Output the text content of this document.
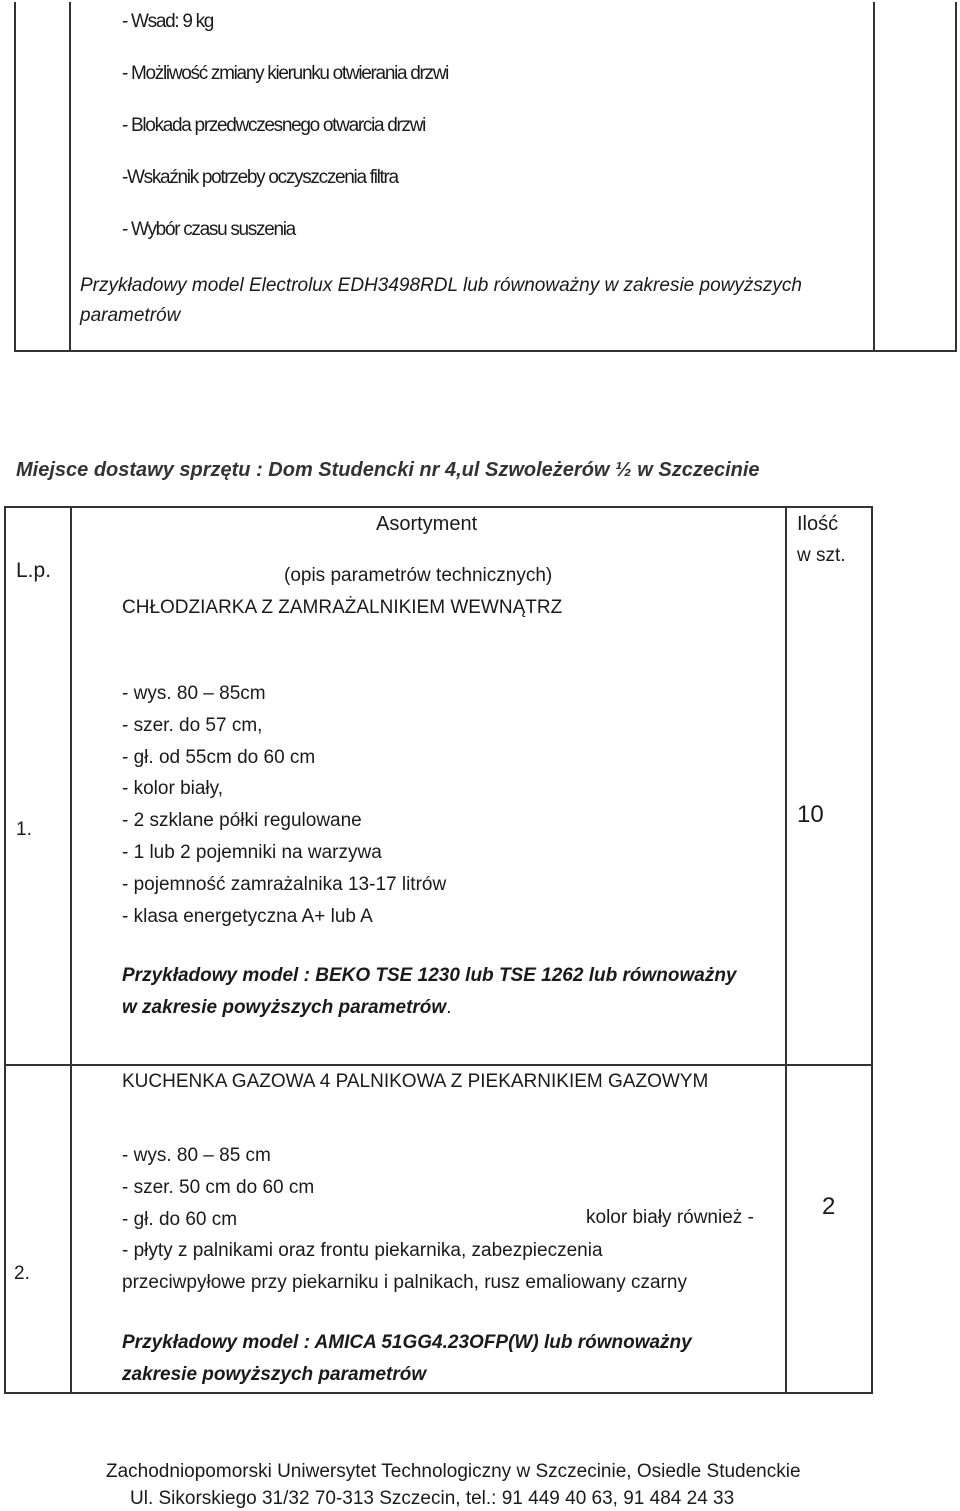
- Wsad: 9 kg
- Możliwość zmiany kierunku otwierania drzwi
- Blokada przedwczesnego otwarcia drzwi
-Wskaźnik potrzeby oczyszczenia filtra
- Wybór czasu suszenia
Przykładowy model Electrolux EDH3498RDL lub równoważny w zakresie powyższych
parametrów
Miejsce dostawy sprzętu : Dom Studencki nr 4,ul Szwoleżerów ½ w Szczecinie
L.p.
Asortyment
(opis parametrów technicznych)
Ilość
w szt.
CHŁODZIARKA Z ZAMRAŻALNIKIEM WEWNĄTRZ
1.
- wys. 80 – 85cm
- szer. do 57 cm,
- gł. od 55cm do 60 cm
- kolor biały,
- 2 szklane półki regulowane
- 1 lub 2 pojemniki na warzywa
- pojemność zamrażalnika 13-17 litrów
- klasa energetyczna A+ lub A
10
Przykładowy model : BEKO TSE 1230 lub TSE 1262 lub równoważny
w zakresie powyższych parametrów.
KUCHENKA GAZOWA 4 PALNIKOWA Z PIEKARNIKIEM GAZOWYM
2.
- wys. 80 – 85 cm
- szer. 50 cm do 60 cm
- gł. do 60 cm
- płyty z palnikami oraz frontu piekarnika, zabezpieczenia
przeciwpyłowe przy piekarniku i palnikach, rusz emaliowany czarny
kolor biały również -	2
Przykładowy model : AMICA 51GG4.23OFP(W) lub równoważny
zakresie powyższych parametrów
Zachodniopomorski Uniwersytet Technologiczny w Szczecinie, Osiedle Studenckie
Ul. Sikorskiego 31/32 70-313 Szczecin, tel.: 91 449 40 63, 91 484 24 33
